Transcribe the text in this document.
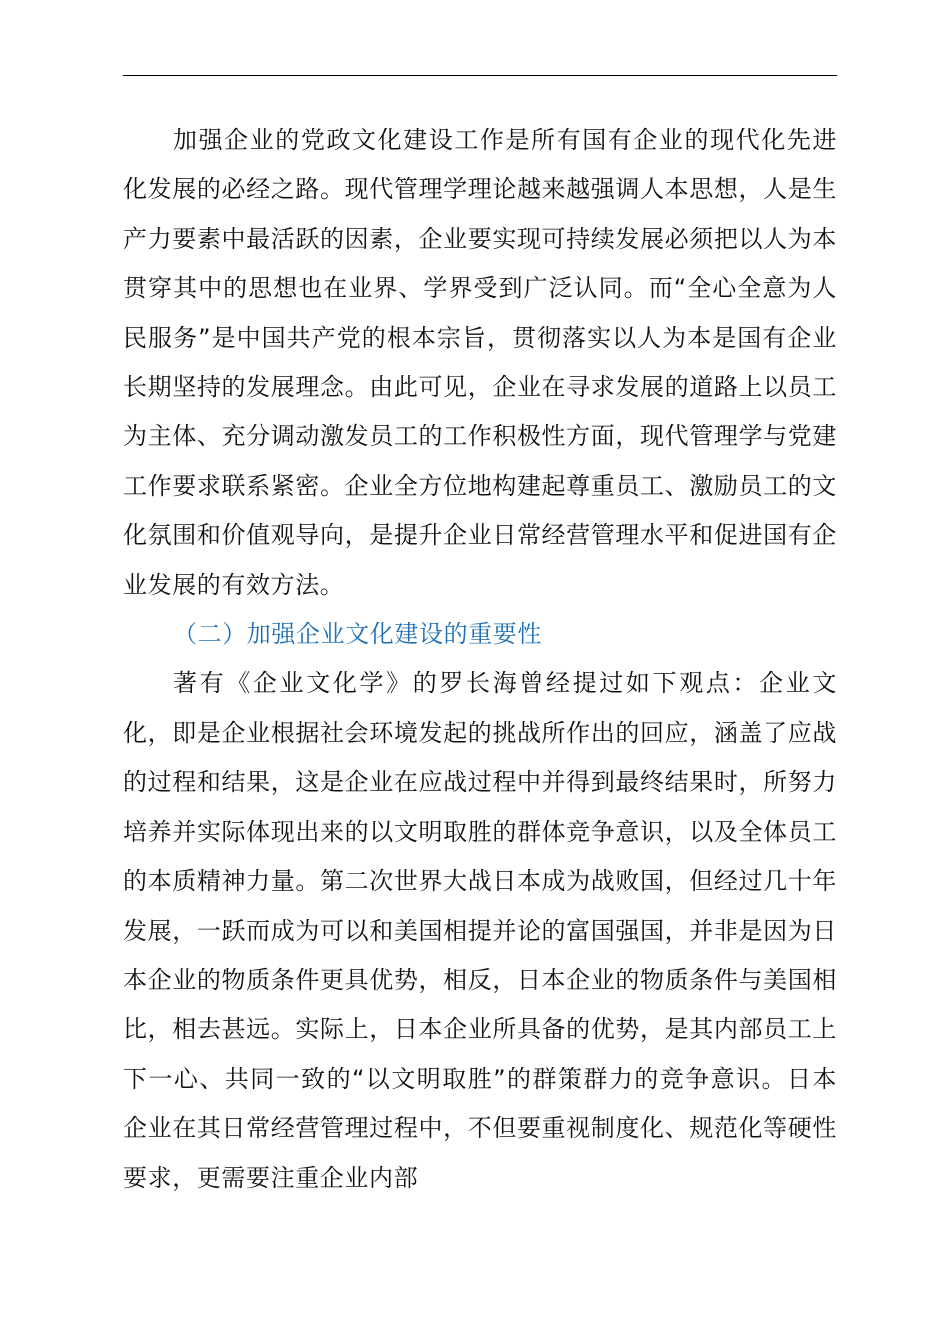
加强企业的党政文化建设工作是所有国有企业的现代化先进化发展的必经之路。现代管理学理论越来越强调人本思想，人是生产力要素中最活跃的因素，企业要实现可持续发展必须把以人为本贯穿其中的思想也在业界、学界受到广泛认同。而“全心全意为人民服务”是中国共产党的根本宗旨，贯彻落实以人为本是国有企业长期坚持的发展理念。由此可见，企业在寻求发展的道路上以员工为主体、充分调动激发员工的工作积极性方面，现代管理学与党建工作要求联系紧密。企业全方位地构建起尊重员工、激励员工的文化氛围和价值观导向，是提升企业日常经营管理水平和促进国有企业发展的有效方法。

（二）加强企业文化建设的重要性

著有《企业文化学》的罗长海曾经提过如下观点：企业文化，即是企业根据社会环境发起的挑战所作出的回应，涵盖了应战的过程和结果，这是企业在应战过程中并得到最终结果时，所努力培养并实际体现出来的以文明取胜的群体竞争意识，以及全体员工的本质精神力量。第二次世界大战日本成为战败国，但经过几十年发展，一跃而成为可以和美国相提并论的富国强国，并非是因为日本企业的物质条件更具优势，相反，日本企业的物质条件与美国相比，相去甚远。实际上，日本企业所具备的优势，是其内部员工上下一心、共同一致的“以文明取胜”的群策群力的竞争意识。日本企业在其日常经营管理过程中，不但要重视制度化、规范化等硬性要求，更需要注重企业内部
